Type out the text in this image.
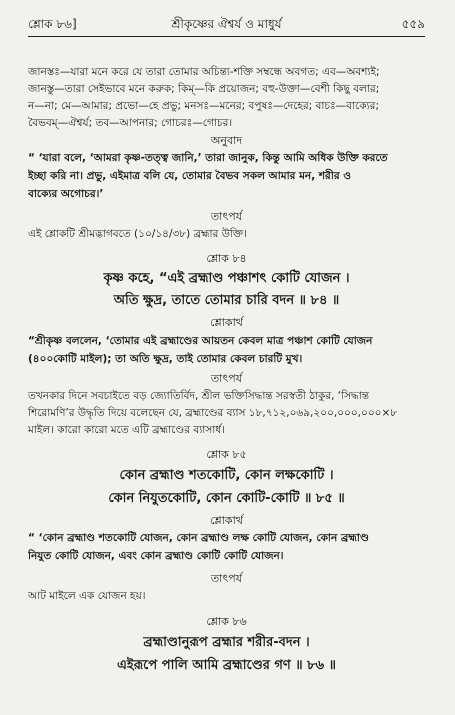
শ্লোক ৮৬]	শ্রীকৃষ্ণের ঐশ্বর্য ও মাধুর্য	৫৫৯
জানস্তঃ—যারা মনে করে যে তারা তোমার অচিন্ত্য-শক্তি সম্বন্ধে অবগত; এব—অবশ্যই;
জানস্তু—তারা সেইভাবে মনে করুক; কিম্—কি প্রয়োজন; বহু-উক্তা—বেশী কিছু বলার;
ন—না; মে—আমার; প্রভো—হে প্রভু; মনসঃ—মনের; বপুষঃ—দেহের; বাচঃ—বাক্যের;
বৈভবম্—ঐশ্বর্য; তব—আপনার; গোচরঃ—গোচর।
অনুবাদ
“ ‘যারা বলে, ‘আমরা কৃষ্ণ-তত্ত্ব জানি,’ তারা জানুক, কিন্তু আমি অধিক উক্তি করতে
ইচ্ছা করি না। প্রভু, এইমাত্র বলি যে, তোমার বৈভব সকল আমার মন, শরীর ও
বাক্যের অগোচর।’
তাৎপর্য
এই শ্লোকটি শ্রীমদ্ভাগবতে (১০/১৪/৩৮) ব্রহ্মার উক্তি।
শ্লোক ৮৪
কৃষ্ণ কহে, “এই ব্রহ্মাণ্ড পঞ্চাশৎ কোটি যোজন ।
অতি ক্ষুদ্র, তাতে তোমার চারি বদন ॥ ৮৪ ॥
শ্লোকার্থ
“শ্রীকৃষ্ণ বললেন, ‘তোমার এই ব্রহ্মাণ্ডের আয়তন কেবল মাত্র পঞ্চাশ কোটি যোজন
(৪০০কোটি মাইল); তা অতি ক্ষুদ্র, তাই তোমার কেবল চারটি মুখ।
তাৎপর্য
তখনকার দিনে সবচাইতে বড় জ্যোতির্বিদ, শ্রীল ভক্তিসিদ্ধান্ত সরস্বতী ঠাকুর, ‘সিদ্ধান্ত
শিরোমণি’র উদ্ধৃতি দিয়ে বলেছেন যে, ব্রহ্মাণ্ডের ব্যাস ১৮,৭১২,০৬৯,২০০,০০০,০০০×৮
মাইল। কারো কারো মতে এটি ব্রহ্মাণ্ডের ব্যাসার্ধ।
শ্লোক ৮৫
কোন ব্রহ্মাণ্ড শতকোটি, কোন লক্ষকোটি ।
কোন নিযুতকোটি, কোন কোটি-কোটি ॥ ৮৫ ॥
শ্লোকার্থ
“ ‘কোন ব্রহ্মাণ্ড শতকোটি যোজন, কোন ব্রহ্মাণ্ড লক্ষ কোটি যোজন, কোন ব্রহ্মাণ্ড
নিযুত কোটি যোজন, এবং কোন ব্রহ্মাণ্ড কোটি কোটি যোজন।
তাৎপর্য
আট মাইলে এক যোজন হয়।
শ্লোক ৮৬
ব্রহ্মাণ্ডানুরূপ ব্রহ্মার শরীর-বদন ।
এইরূপে পালি আমি ব্রহ্মাণ্ডের গণ ॥ ৮৬ ॥
